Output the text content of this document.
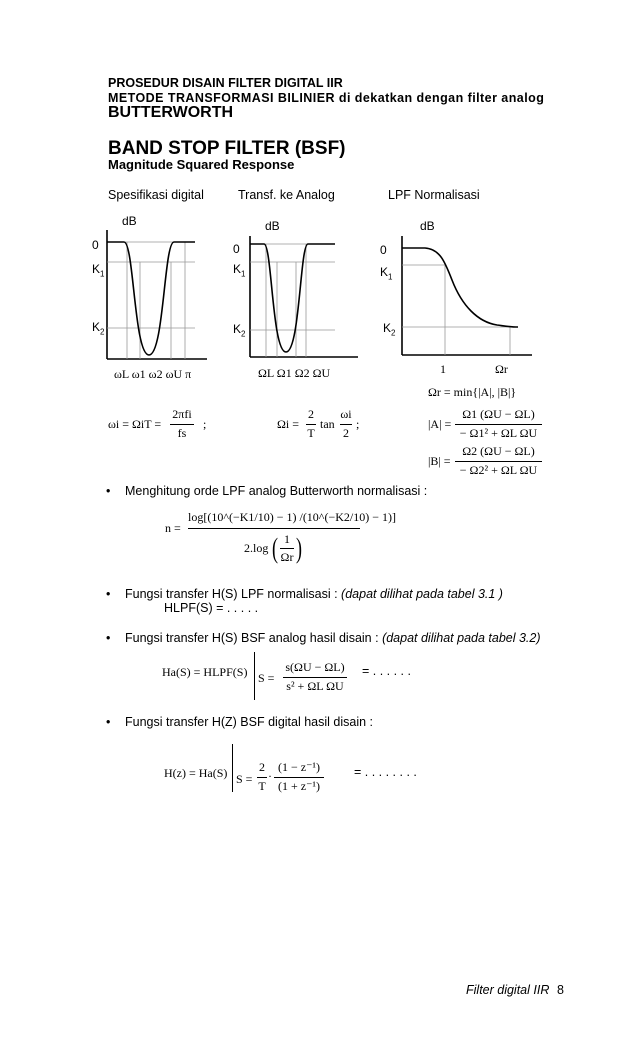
PROSEDUR DISAIN FILTER DIGITAL IIR
METODE TRANSFORMASI BILINIER di dekatkan dengan filter analog
BUTTERWORTH
BAND STOP FILTER (BSF)
Magnitude Squared Response
Spesifikasi digital	Transf. ke Analog	LPF Normalisasi
dB
0
$K_1$
$K_2$
ωL ω1 ω2 ωU π
dB
0
$K_1$
$K_2$
ΩL Ω1 Ω2 ΩU
dB
0
$K_1$
$K_2$
1	Ωr
Ωr = min{|A|, |B|}
|A| =
Ω1 (ΩU − ΩL)
− Ω1² + ΩL ΩU
|B| =
Ω2 (ΩU − ΩL)
− Ω2² + ΩL ΩU
ωi = ΩiT =
2πfi
fs
;	Ωi =
2
T
tan
ωi
2
;
• Menghitung orde LPF analog Butterworth normalisasi :
n =
log[(10^(−K1/10) − 1) /(10^(−K2/10) − 1)]
2.log ( 1
Ωr )
• Fungsi transfer H(S) LPF normalisasi : (dapat dilihat pada tabel 3.1 )
HLPF(S) = . . . . .
• Fungsi transfer H(S) BSF analog hasil disain : (dapat dilihat pada tabel 3.2)
Ha(S) = HLPF(S) S =
s(ΩU − ΩL)
s² + ΩL ΩU
= . . . . . .
• Fungsi transfer H(Z) BSF digital hasil disain :
H(z) = Ha(S) S =
2
T
·
(1 − z⁻¹)
(1 + z⁻¹)
= . . . . . . . .
Filter digital IIR 8
